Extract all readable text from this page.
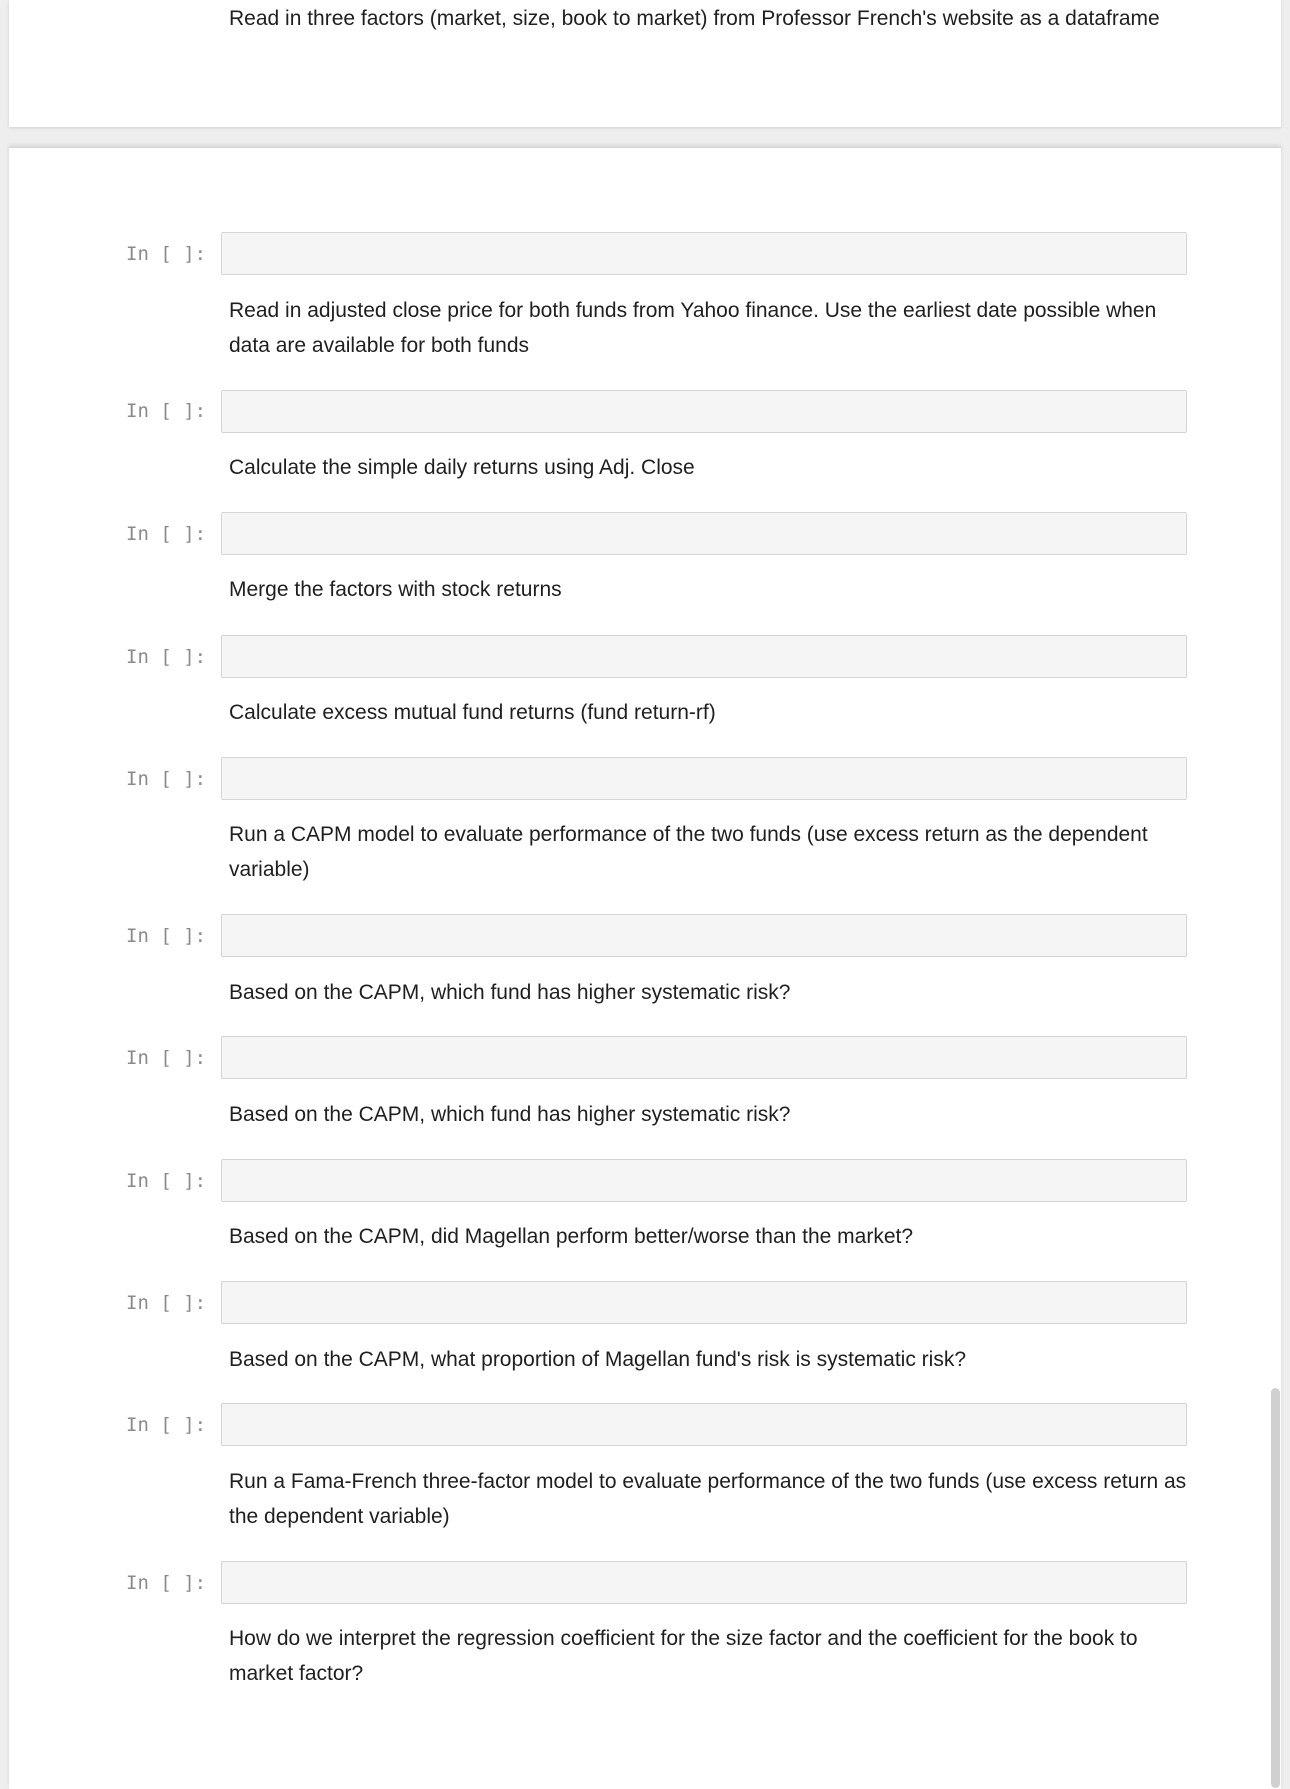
Read in three factors (market, size, book to market) from Professor French's website as a dataframe
In [ ]:
Read in adjusted close price for both funds from Yahoo finance. Use the earliest date possible when data are available for both funds
In [ ]:
Calculate the simple daily returns using Adj. Close
In [ ]:
Merge the factors with stock returns
In [ ]:
Calculate excess mutual fund returns (fund return-rf)
In [ ]:
Run a CAPM model to evaluate performance of the two funds (use excess return as the dependent variable)
In [ ]:
Based on the CAPM, which fund has higher systematic risk?
In [ ]:
Based on the CAPM, which fund has higher systematic risk?
In [ ]:
Based on the CAPM, did Magellan perform better/worse than the market?
In [ ]:
Based on the CAPM, what proportion of Magellan fund's risk is systematic risk?
In [ ]:
Run a Fama-French three-factor model to evaluate performance of the two funds (use excess return as the dependent variable)
In [ ]:
How do we interpret the regression coefficient for the size factor and the coefficient for the book to market factor?
